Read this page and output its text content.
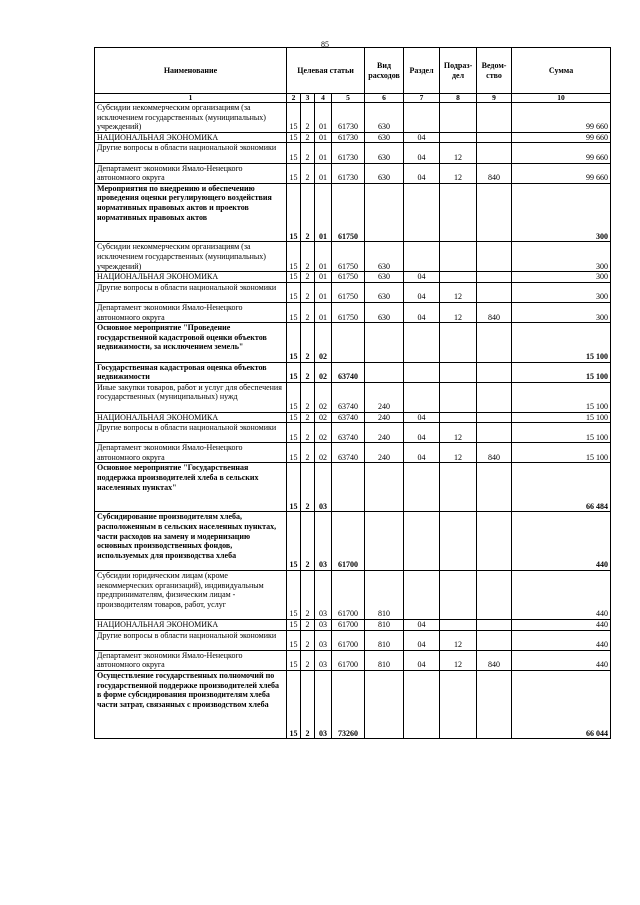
85
Наименование	Целевая статьи				Вид расходов	Раздел	Подраз-дел	Ведом-ство	Сумма
1	2	3	4	5	6	7	8	9	10
Субсидии некоммерческим организациям (за исключением государственных (муниципальных) учреждений)	15	2	01	61730	630				99 660
НАЦИОНАЛЬНАЯ ЭКОНОМИКА	15	2	01	61730	630	04			99 660
Другие вопросы в области национальной экономики	15	2	01	61730	630	04	12		99 660
Департамент экономики Ямало-Ненецкого автономного округа	15	2	01	61730	630	04	12	840	99 660
Мероприятия по внедрению и обеспечению проведения оценки регулирующего воздействия нормативных правовых актов и проектов нормативных правовых актов	15	2	01	61750					300
Субсидии некоммерческим организациям (за исключением государственных (муниципальных) учреждений)	15	2	01	61750	630				300
НАЦИОНАЛЬНАЯ ЭКОНОМИКА	15	2	01	61750	630	04			300
Другие вопросы в области национальной экономики	15	2	01	61750	630	04	12		300
Департамент экономики Ямало-Ненецкого автономного округа	15	2	01	61750	630	04	12	840	300
Основное мероприятие "Проведение государственной кадастровой оценки объектов недвижимости, за исключением земель"	15	2	02						15 100
Государственная кадастровая оценка объектов недвижимости	15	2	02	63740					15 100
Иные закупки товаров, работ и услуг для обеспечения государственных (муниципальных) нужд	15	2	02	63740	240				15 100
НАЦИОНАЛЬНАЯ ЭКОНОМИКА	15	2	02	63740	240	04			15 100
Другие вопросы в области национальной экономики	15	2	02	63740	240	04	12		15 100
Департамент экономики Ямало-Ненецкого автономного округа	15	2	02	63740	240	04	12	840	15 100
Основное мероприятие "Государственная поддержка производителей хлеба в сельских населенных пунктах"	15	2	03						66 484
Субсидирование производителям хлеба, расположенным в сельских населенных пунктах, части расходов на замену и модернизацию основных производственных фондов, используемых для производства хлеба	15	2	03	61700					440
Субсидии юридическим лицам (кроме некоммерческих организаций), индивидуальным предпринимателям, физическим лицам - производителям товаров, работ, услуг	15	2	03	61700	810				440
НАЦИОНАЛЬНАЯ ЭКОНОМИКА	15	2	03	61700	810	04			440
Другие вопросы в области национальной экономики	15	2	03	61700	810	04	12		440
Департамент экономики Ямало-Ненецкого автономного округа	15	2	03	61700	810	04	12	840	440
Осуществление государственных полномочий по государственной поддержке производителей хлеба в форме субсидирования производителям хлеба части затрат, связанных с производством хлеба	15	2	03	73260					66 044
